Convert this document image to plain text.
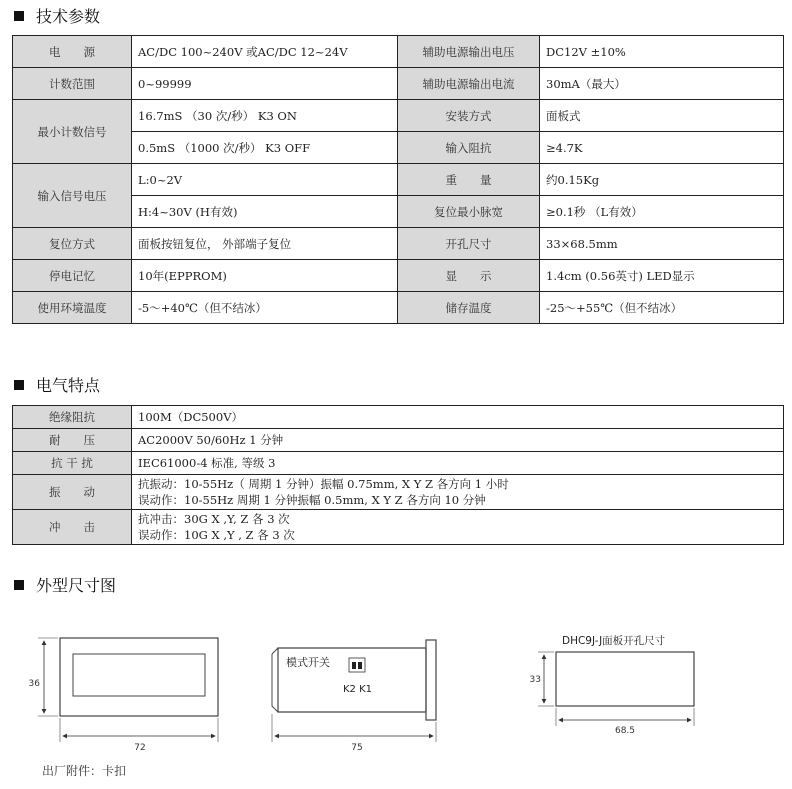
技术参数
电　　源	AC/DC 100~240V 或AC/DC 12~24V	辅助电源输出电压	DC12V ±10%
计数范围	0~99999	辅助电源输出电流	30mA（最大）
最小计数信号	16.7mS （30 次/秒） K3 ON	安装方式	面板式
	0.5mS （1000 次/秒） K3 OFF	输入阻抗	≥4.7K
输入信号电压	L:0~2V	重　　量	约0.15Kg
	H:4~30V (H有效)	复位最小脉宽	≥0.1秒 （L有效）
复位方式	面板按钮复位， 外部端子复位	开孔尺寸	33×68.5mm
停电记忆	10年(EPPROM)	显　　示	1.4cm (0.56英寸) LED显示
使用环境温度	-5～+40℃（但不结冰）	储存温度	-25～+55℃（但不结冰）
电气特点
绝缘阻抗	100M（DC500V）
耐　　压	AC2000V 50/60Hz 1 分钟
抗 干 扰	IEC61000-4 标准, 等级 3
振　　动	抗振动：10-55Hz（ 周期 1 分钟）振幅 0.75mm, X Y Z 各方向 1 小时
误动作：10-55Hz 周期 1 分钟振幅 0.5mm, X Y Z 各方向 10 分钟

冲　　击	抗冲击：30G X ,Y, Z 各 3 次
误动作：10G X ,Y , Z 各 3 次
外型尺寸图
36
72
模式开关
K2 K1
75
DHC9J-J面板开孔尺寸
33
68.5
出厂附件：卡扣
